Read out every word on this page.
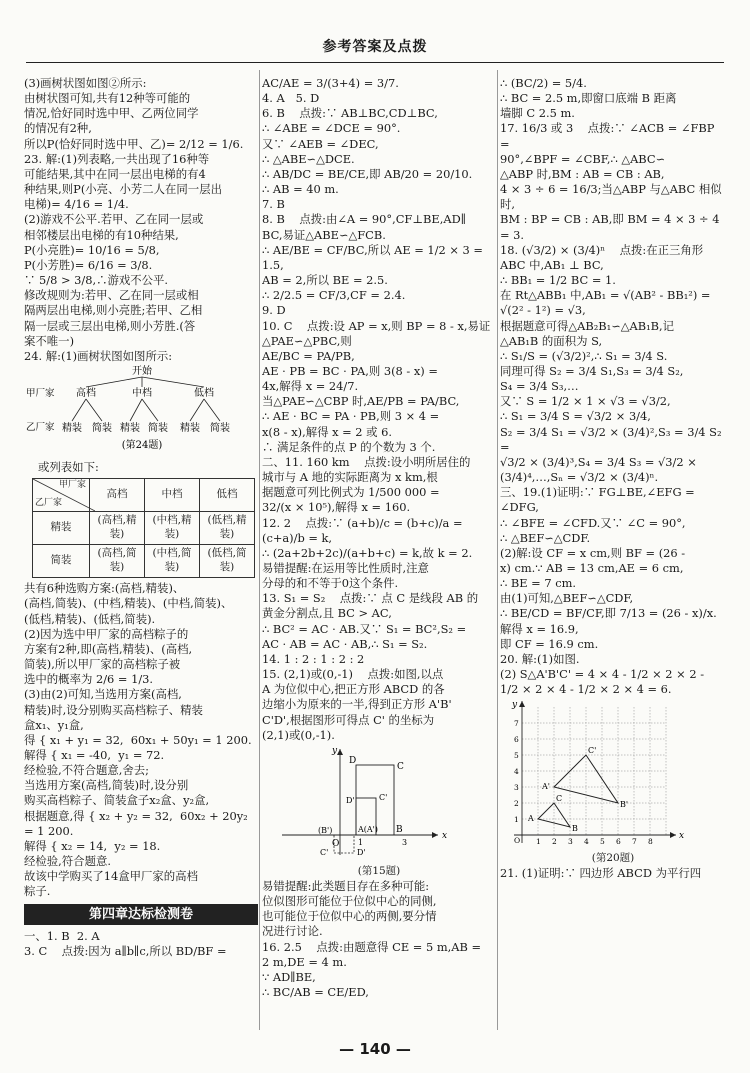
参考答案及点拨
(3)画树状图如图②所示:
由树状图可知,共有12种等可能的
情况,恰好同时选中甲、乙两位同学
的情况有2种,
所以P(恰好同时选中甲、乙)= 2/12 = 1/6.
23. 解:(1)列表略,一共出现了16种等
可能结果,其中在同一层出电梯的有4
种结果,则P(小亮、小芳二人在同一层出
电梯)= 4/16 = 1/4.
(2)游戏不公平.若甲、乙在同一层或
相邻楼层出电梯的有10种结果,
P(小亮胜)= 10/16 = 5/8,
P(小芳胜)= 6/16 = 3/8.
∵ 5/8 > 3/8,∴游戏不公平.
修改规则为:若甲、乙在同一层或相
隔两层出电梯,则小亮胜;若甲、乙相
隔一层或三层出电梯,则小芳胜.(答
案不唯一)
24. 解:(1)画树状图如图所示:
开始
甲厂家 高档	中档	低档
乙厂家 精装 简装 精装 简装 精装 简装
(第24题)
或列表如下:
甲厂家
乙厂家	高档	中档	低档
精装	(高档,精装)	(中档,精装)	(低档,精装)
简装	(高档,简装)	(中档,简装)	(低档,简装)
共有6种选购方案:(高档,精装)、
(高档,简装)、(中档,精装)、(中档,简装)、
(低档,精装)、(低档,简装).
(2)因为选中甲厂家的高档粽子的
方案有2种,即(高档,精装)、(高档,
简装),所以甲厂家的高档粽子被
选中的概率为 2/6 = 1/3.
(3)由(2)可知,当选用方案(高档,
精装)时,设分别购买高档粽子、精装
盒x₁、y₁盒,
得 { x₁ + y₁ = 32,  60x₁ + 50y₁ = 1 200.
解得 { x₁ = -40,  y₁ = 72.
经检验,不符合题意,舍去;
当选用方案(高档,简装)时,设分别
购买高档粽子、简装盒子x₂盒、y₂盒,
根据题意,得 { x₂ + y₂ = 32,  60x₂ + 20y₂ = 1 200.
解得 { x₂ = 14,  y₂ = 18.
经检验,符合题意.
故该中学购买了14盒甲厂家的高档
粽子.
第四章达标检测卷
一、1. B  2. A
3. C    点拨:因为 a∥b∥c,所以 BD/BF =
AC/AE = 3/(3+4) = 3/7.
4. A   5. D
6. B    点拨:∵ AB⊥BC,CD⊥BC,
∴ ∠ABE = ∠DCE = 90°.
又∵ ∠AEB = ∠DEC,
∴ △ABE∽△DCE.
∴ AB/DC = BE/CE,即 AB/20 = 20/10.
∴ AB = 40 m.
7. B
8. B    点拨:由∠A = 90°,CF⊥BE,AD∥
BC,易证△ABE∽△FCB.
∴ AE/BE = CF/BC,所以 AE = 1/2 × 3 = 1.5,
AB = 2,所以 BE = 2.5.
∴ 2/2.5 = CF/3,CF = 2.4.
9. D
10. C    点拨:设 AP = x,则 BP = 8 - x,易证
△PAE∽△PBC,则
AE/BC = PA/PB,
AE · PB = BC · PA,则 3(8 - x) =
4x,解得 x = 24/7.
当△PAE∽△CBP 时,AE/PB = PA/BC,
∴ AE · BC = PA · PB,则 3 × 4 =
x(8 - x),解得 x = 2 或 6.
∴ 满足条件的点 P 的个数为 3 个.
二、11. 160 km    点拨:设小明所居住的
城市与 A 地的实际距离为 x km,根
据题意可列比例式为 1/500 000 =
32/(x × 10⁵),解得 x = 160.
12. 2    点拨:∵ (a+b)/c = (b+c)/a = (c+a)/b = k,
∴ (2a+2b+2c)/(a+b+c) = k,故 k = 2.
易错提醒:在运用等比性质时,注意
分母的和不等于0这个条件.
13. S₁ = S₂    点拨:∵ 点 C 是线段 AB 的
黄金分割点,且 BC > AC,
∴ BC² = AC · AB.又∵ S₁ = BC²,S₂ =
AC · AB = AC · AB,∴ S₁ = S₂.
14. 1 : 2 : 1 : 2 : 2
15. (2,1)或(0,-1)    点拨:如图,以点
A 为位似中心,把正方形 ABCD 的各
边缩小为原来的一半,得到正方形 A'B'
C'D',根据图形可得点 C' 的坐标为
(2,1)或(0,-1).
x
y
O
D
C
C'
D'
(B')	A(A') B
C'	D'
1	3
(第15题)
易错提醒:此类题目存在多种可能:
位似图形可能位于位似中心的同侧,
也可能位于位似中心的两侧,要分情
况进行讨论.
16. 2.5    点拨:由题意得 CE = 5 m,AB =
2 m,DE = 4 m.
∵ AD∥BE,
∴ BC/AB = CE/ED,
∴ (BC/2) = 5/4.
∴ BC = 2.5 m,即窗口底端 B 距离
墙脚 C 2.5 m.
17. 16/3 或 3    点拨:∵ ∠ACB = ∠FBP =
90°,∠BPF = ∠CBF,∴ △ABC∽
△ABP 时,BM : AB = CB : AB,
4 × 3 ÷ 6 = 16/3;当△ABP 与△ABC 相似时,
BM : BP = CB : AB,即 BM = 4 × 3 ÷ 4 = 3.
18. (√3/2) × (3/4)ⁿ    点拨:在正三角形
ABC 中,AB₁ ⊥ BC,
∴ BB₁ = 1/2 BC = 1.
在 Rt△ABB₁ 中,AB₁ = √(AB² - BB₁²) =
√(2² - 1²) = √3,
根据题意可得△AB₂B₁∽△AB₁B,记
△AB₁B 的面积为 S,
∴ S₁/S = (√3/2)²,∴ S₁ = 3/4 S.
同理可得 S₂ = 3/4 S₁,S₃ = 3/4 S₂,
S₄ = 3/4 S₃,…
又∵ S = 1/2 × 1 × √3 = √3/2,
∴ S₁ = 3/4 S = √3/2 × 3/4,
S₂ = 3/4 S₁ = √3/2 × (3/4)²,S₃ = 3/4 S₂ =
√3/2 × (3/4)³,S₄ = 3/4 S₃ = √3/2 ×
(3/4)⁴,…,Sₙ = √3/2 × (3/4)ⁿ.
三、19.(1)证明:∵ FG⊥BE,∠EFG =
∠DFG,
∴ ∠BFE = ∠CFD.又∵ ∠C = 90°,
∴ △BEF∽△CDF.
(2)解:设 CF = x cm,则 BF = (26 -
x) cm.∵ AB = 13 cm,AE = 6 cm,
∴ BE = 7 cm.
由(1)可知,△BEF∽△CDF,
∴ BE/CD = BF/CF,即 7/13 = (26 - x)/x.
解得 x = 16.9,
即 CF = 16.9 cm.
20. 解:(1)如图.
(2) S△A'B'C' = 4 × 4 - 1/2 × 2 × 2 -
1/2 × 2 × 4 - 1/2 × 2 × 4 = 6.
x
y
7
6
5
4
3
2
1
O 1 2 3 4 5 6 7 8
C'
A'
B'
A
C
B
(第20题)
21. (1)证明:∵ 四边形 ABCD 为平行四
— 140 —
